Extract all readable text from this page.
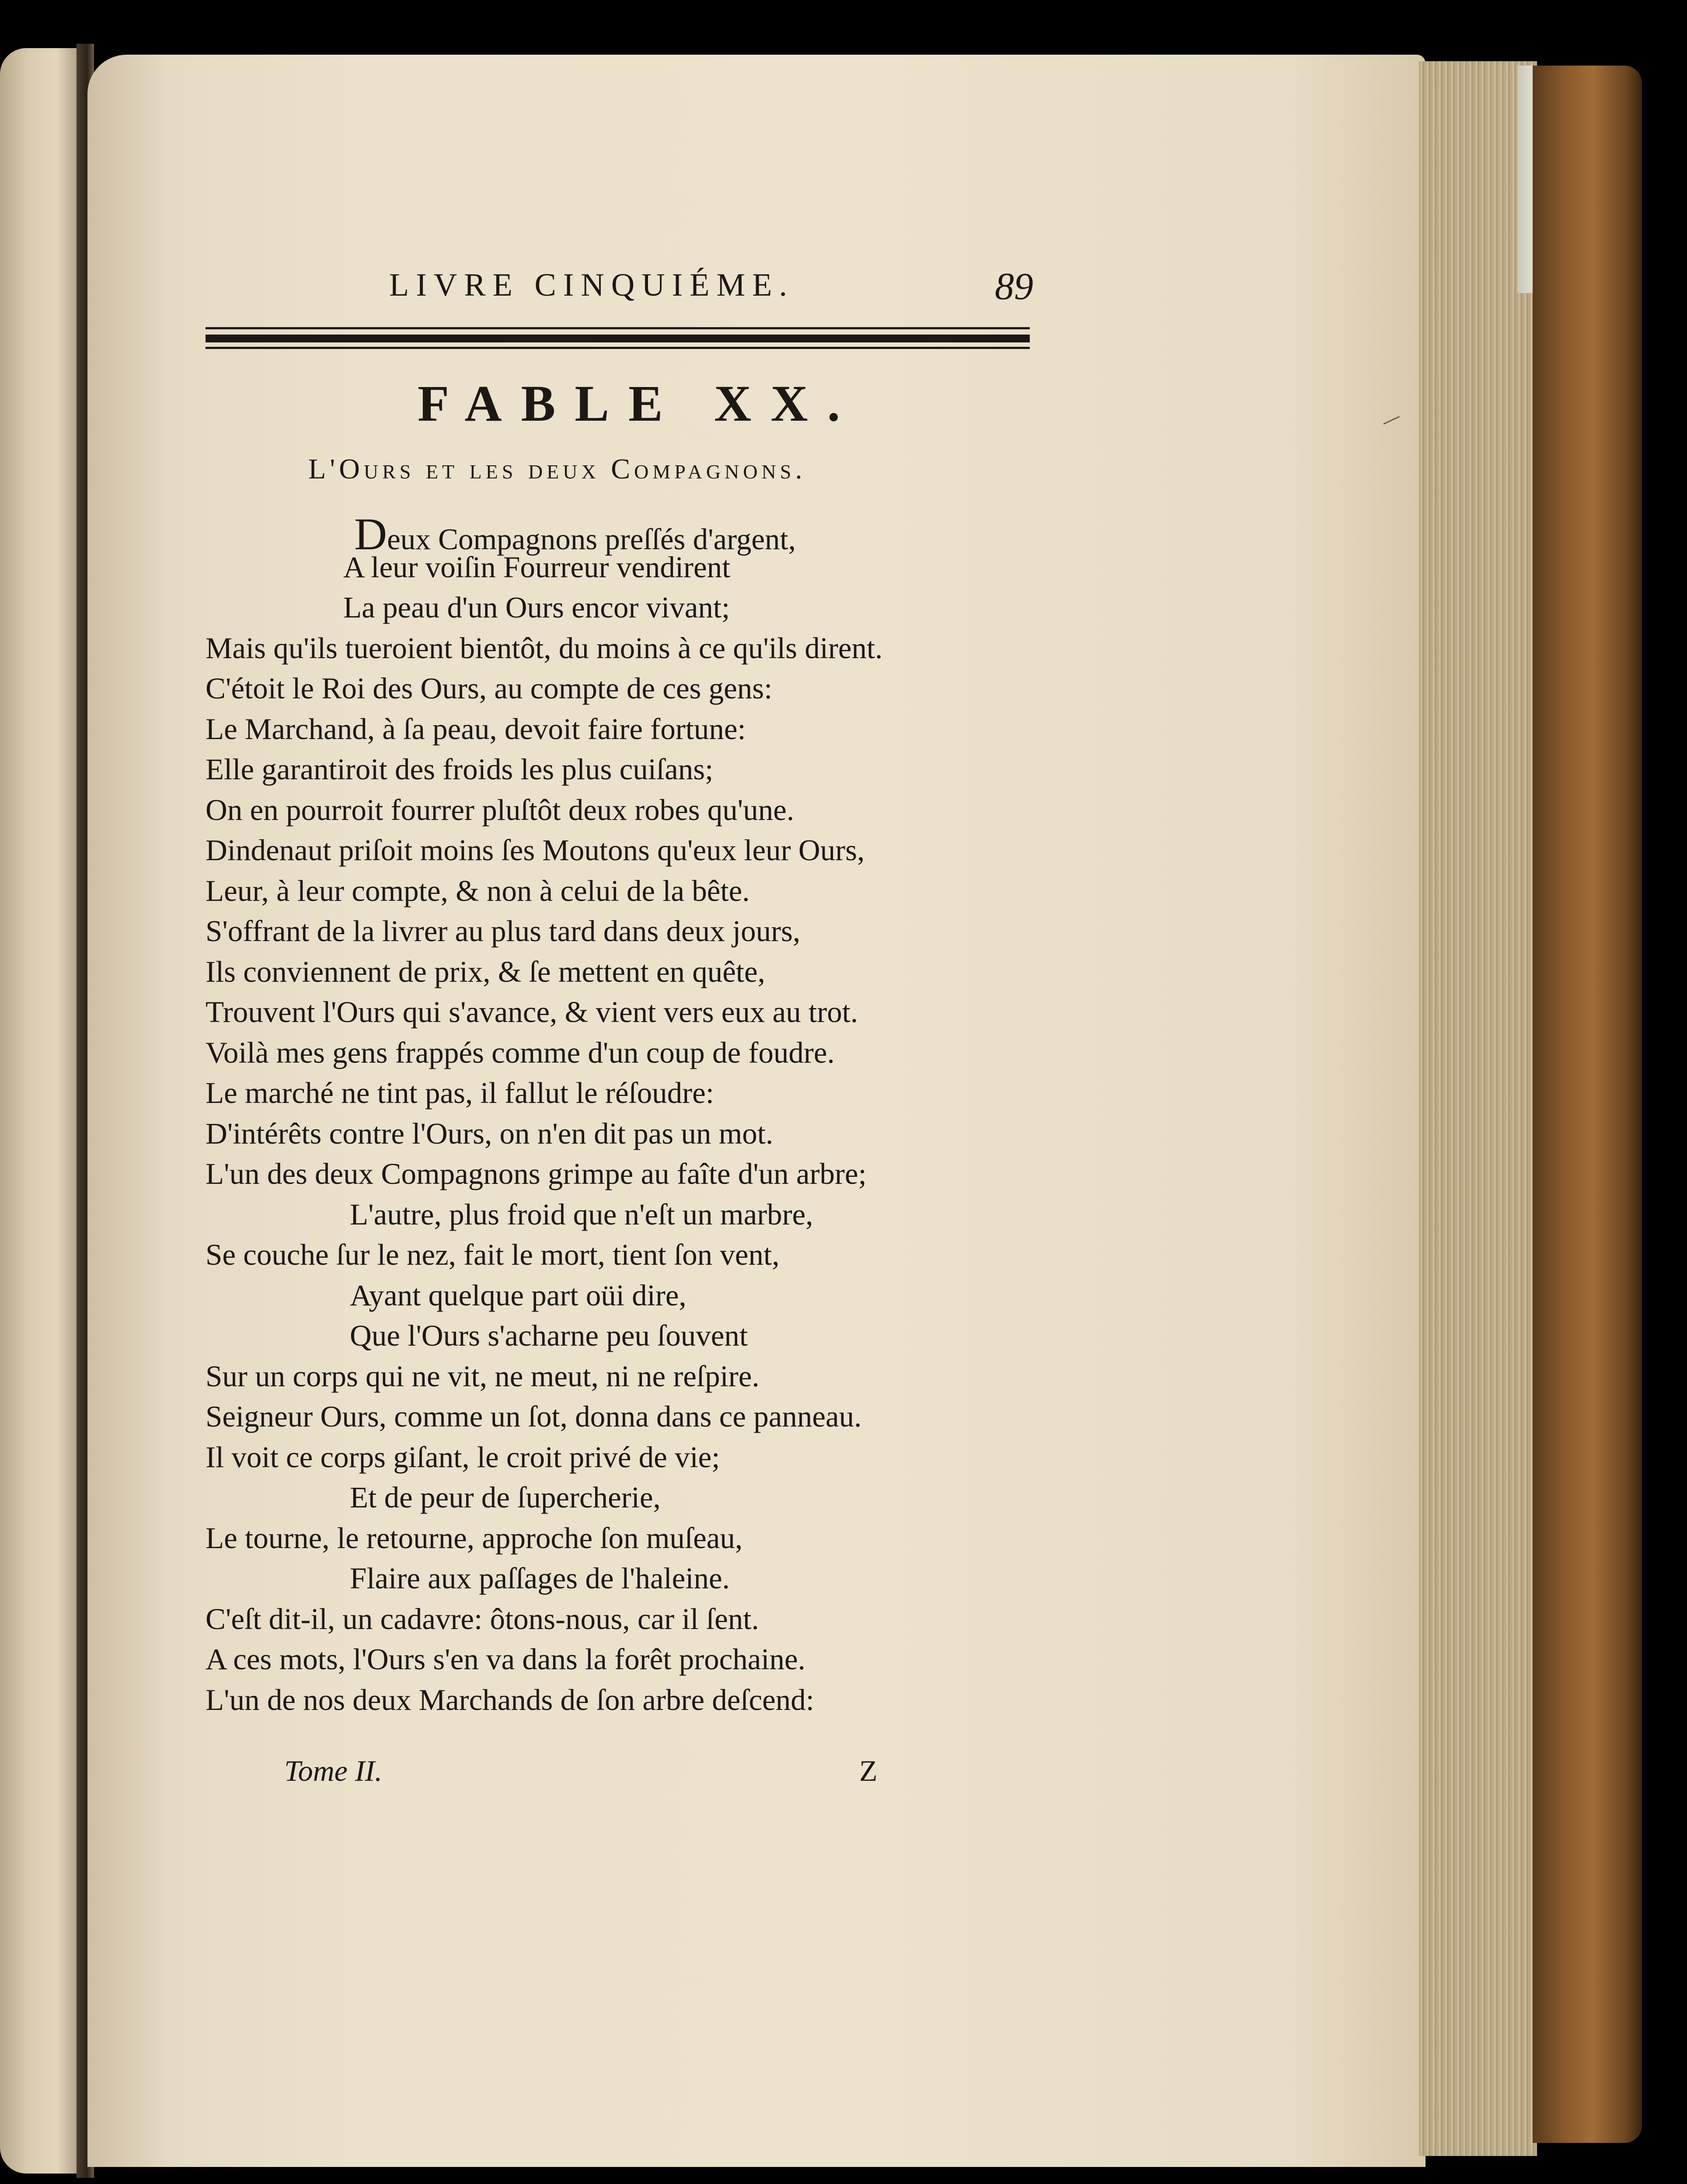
LIVRE CINQUIÉME.	89
FABLE XX.
L'Ours et les deux Compagnons.
Deux Compagnons preſſés d'argent,
A leur voiſin Fourreur vendirent
La peau d'un Ours encor vivant;
Mais qu'ils tueroient bientôt, du moins à ce qu'ils dirent.
C'étoit le Roi des Ours, au compte de ces gens:
Le Marchand, à ſa peau, devoit faire fortune:
Elle garantiroit des froids les plus cuiſans;
On en pourroit fourrer pluſtôt deux robes qu'une.
Dindenaut priſoit moins ſes Moutons qu'eux leur Ours,
Leur, à leur compte, & non à celui de la bête.
S'offrant de la livrer au plus tard dans deux jours,
Ils conviennent de prix, & ſe mettent en quête,
Trouvent l'Ours qui s'avance, & vient vers eux au trot.
Voilà mes gens frappés comme d'un coup de foudre.
Le marché ne tint pas, il fallut le réſoudre:
D'intérêts contre l'Ours, on n'en dit pas un mot.
L'un des deux Compagnons grimpe au faîte d'un arbre;
L'autre, plus froid que n'eſt un marbre,
Se couche ſur le nez, fait le mort, tient ſon vent,
Ayant quelque part oüi dire,
Que l'Ours s'acharne peu ſouvent
Sur un corps qui ne vit, ne meut, ni ne reſpire.
Seigneur Ours, comme un ſot, donna dans ce panneau.
Il voit ce corps giſant, le croit privé de vie;
Et de peur de ſupercherie,
Le tourne, le retourne, approche ſon muſeau,
Flaire aux paſſages de l'haleine.
C'eſt dit-il, un cadavre: ôtons-nous, car il ſent.
A ces mots, l'Ours s'en va dans la forêt prochaine.
L'un de nos deux Marchands de ſon arbre deſcend:
Tome II.	Z
